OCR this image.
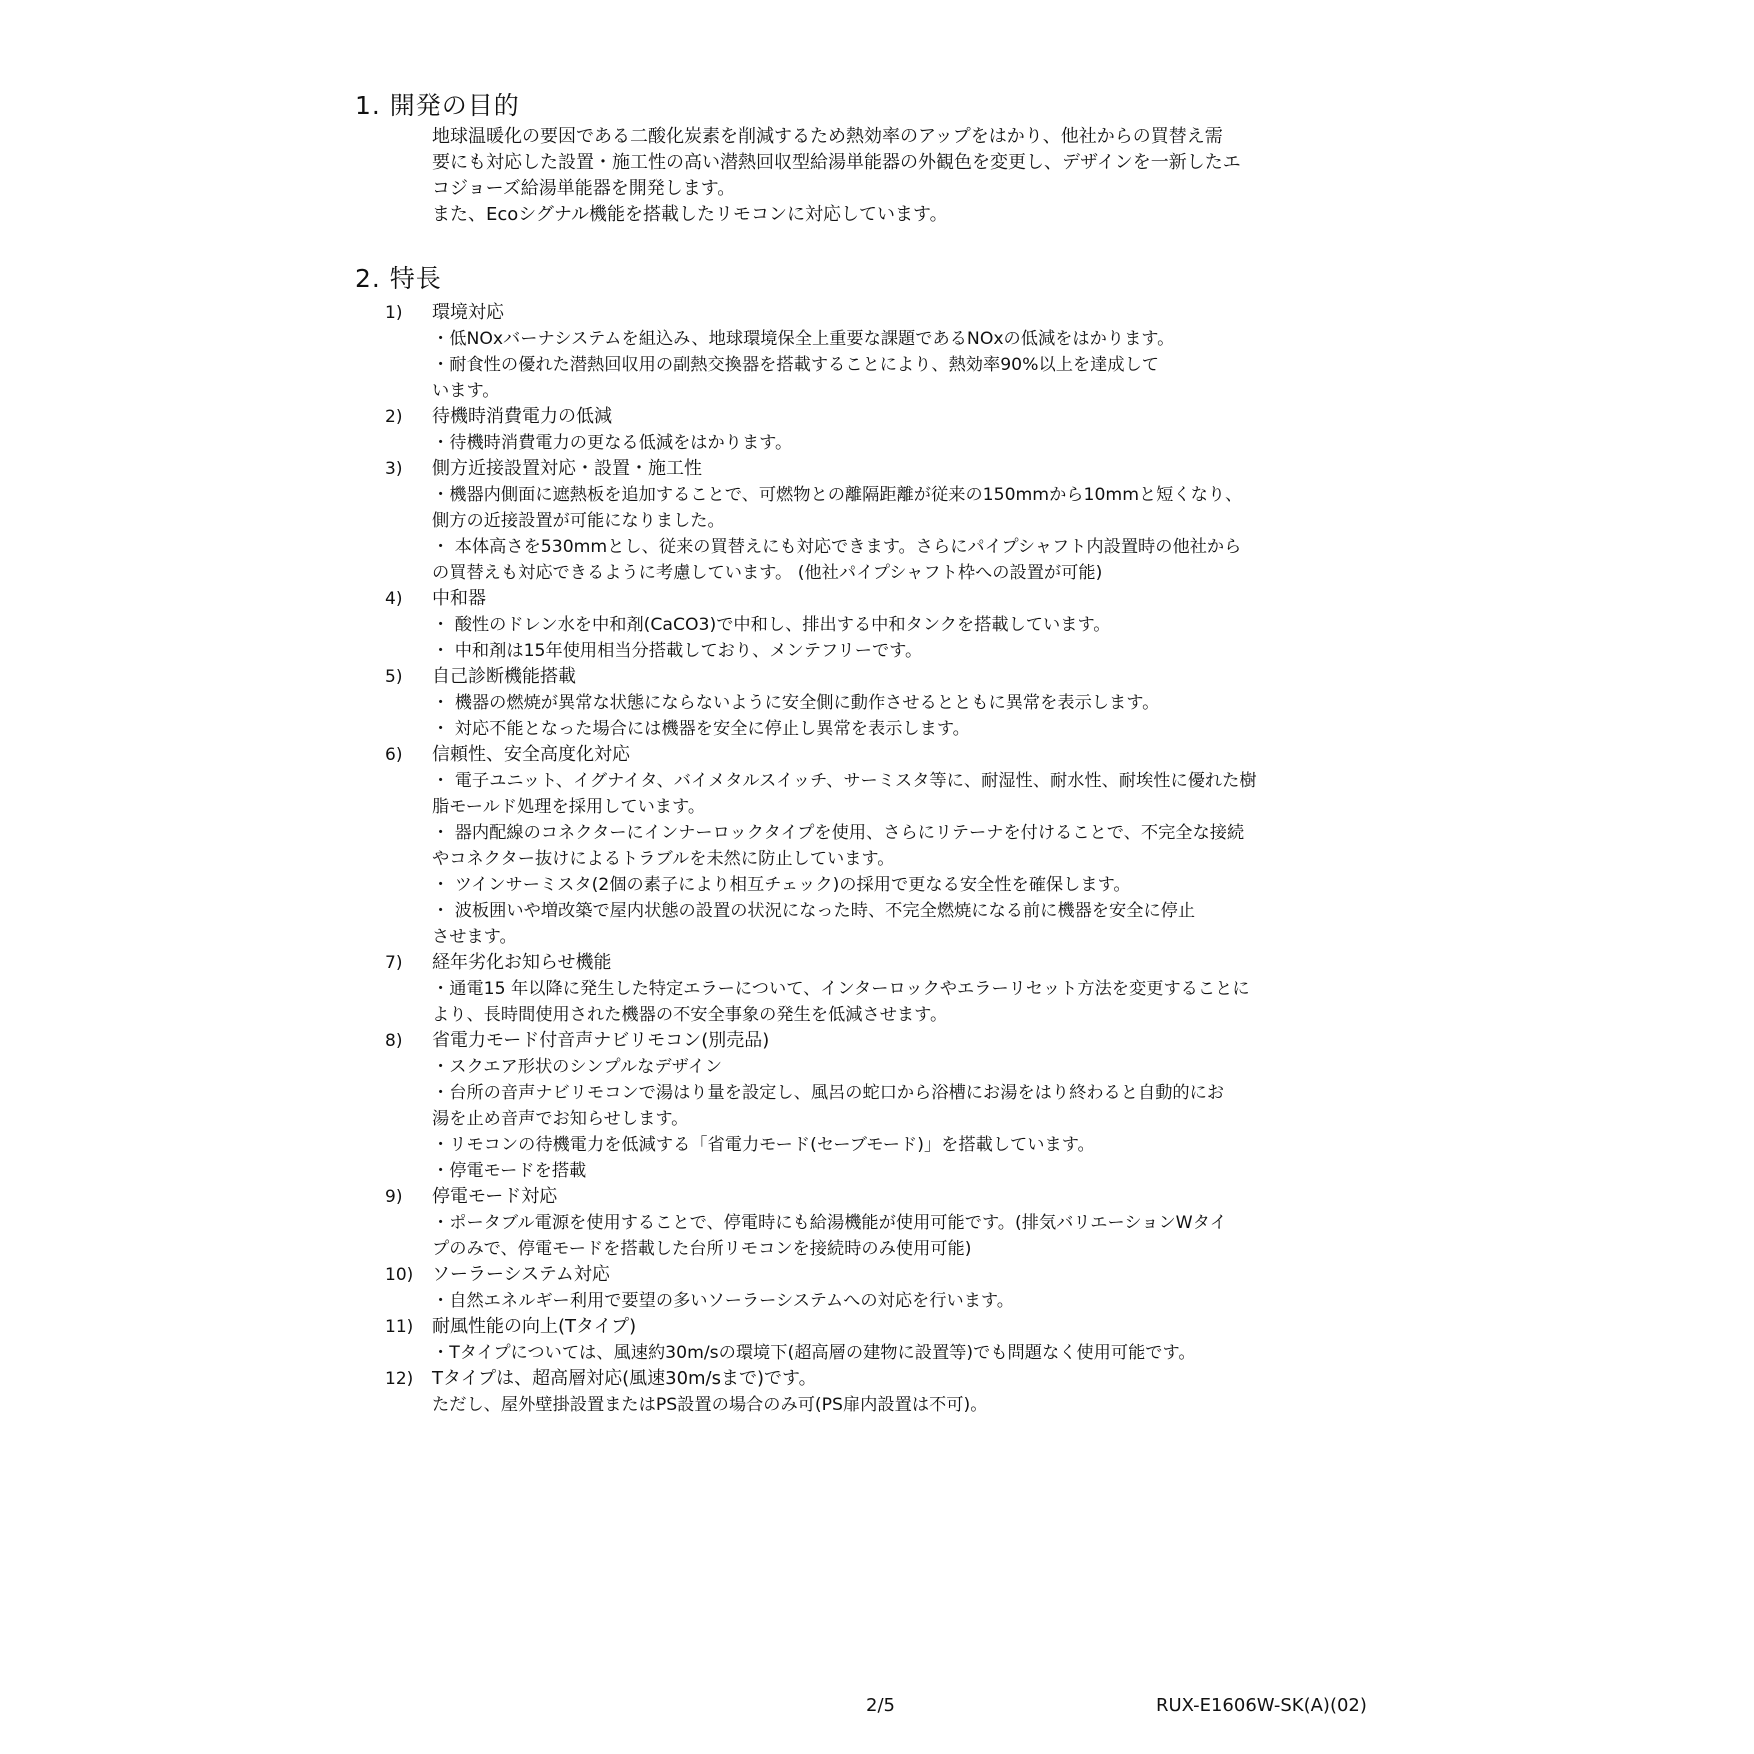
1. 開発の目的
地球温暖化の要因である二酸化炭素を削減するため熱効率のアップをはかり、他社からの買替え需
要にも対応した設置・施工性の高い潜熱回収型給湯単能器の外観色を変更し、デザインを一新したエ
コジョーズ給湯単能器を開発します。
また、Ecoシグナル機能を搭載したリモコンに対応しています。
2. 特長
1)	環境対応
・低NOxバーナシステムを組込み、地球環境保全上重要な課題であるNOxの低減をはかります。
・耐食性の優れた潜熱回収用の副熱交換器を搭載することにより、熱効率90%以上を達成して
います。
2)	待機時消費電力の低減
・待機時消費電力の更なる低減をはかります。
3)	側方近接設置対応・設置・施工性
・機器内側面に遮熱板を追加することで、可燃物との離隔距離が従来の150mmから10mmと短くなり、
側方の近接設置が可能になりました。
・ 本体高さを530mmとし、従来の買替えにも対応できます。さらにパイプシャフト内設置時の他社から
の買替えも対応できるように考慮しています。 (他社パイプシャフト枠への設置が可能)
4)	中和器
・ 酸性のドレン水を中和剤(CaCO3)で中和し、排出する中和タンクを搭載しています。
・ 中和剤は15年使用相当分搭載しており、メンテフリーです。
5)	自己診断機能搭載
・ 機器の燃焼が異常な状態にならないように安全側に動作させるとともに異常を表示します。
・ 対応不能となった場合には機器を安全に停止し異常を表示します。
6)	信頼性、安全高度化対応
・ 電子ユニット、イグナイタ、バイメタルスイッチ、サーミスタ等に、耐湿性、耐水性、耐埃性に優れた樹
脂モールド処理を採用しています。
・ 器内配線のコネクターにインナーロックタイプを使用、さらにリテーナを付けることで、不完全な接続
やコネクター抜けによるトラブルを未然に防止しています。
・ ツインサーミスタ(2個の素子により相互チェック)の採用で更なる安全性を確保します。
・ 波板囲いや増改築で屋内状態の設置の状況になった時、不完全燃焼になる前に機器を安全に停止
させます。
7)	経年劣化お知らせ機能
・通電15 年以降に発生した特定エラーについて、インターロックやエラーリセット方法を変更することに
より、長時間使用された機器の不安全事象の発生を低減させます。
8)	省電力モード付音声ナビリモコン(別売品)
・スクエア形状のシンプルなデザイン
・台所の音声ナビリモコンで湯はり量を設定し、風呂の蛇口から浴槽にお湯をはり終わると自動的にお
湯を止め音声でお知らせします。
・リモコンの待機電力を低減する「省電力モード(セーブモード)」を搭載しています。
・停電モードを搭載
9)	停電モード対応
・ポータブル電源を使用することで、停電時にも給湯機能が使用可能です。(排気バリエーションWタイ
プのみで、停電モードを搭載した台所リモコンを接続時のみ使用可能)
10)	ソーラーシステム対応
・自然エネルギー利用で要望の多いソーラーシステムへの対応を行います。
11)	耐風性能の向上(Tタイプ)
・Tタイプについては、風速約30m/sの環境下(超高層の建物に設置等)でも問題なく使用可能です。
12)	Tタイプは、超高層対応(風速30m/sまで)です。
ただし、屋外壁掛設置またはPS設置の場合のみ可(PS扉内設置は不可)。
2/5	RUX-E1606W-SK(A)(02)
